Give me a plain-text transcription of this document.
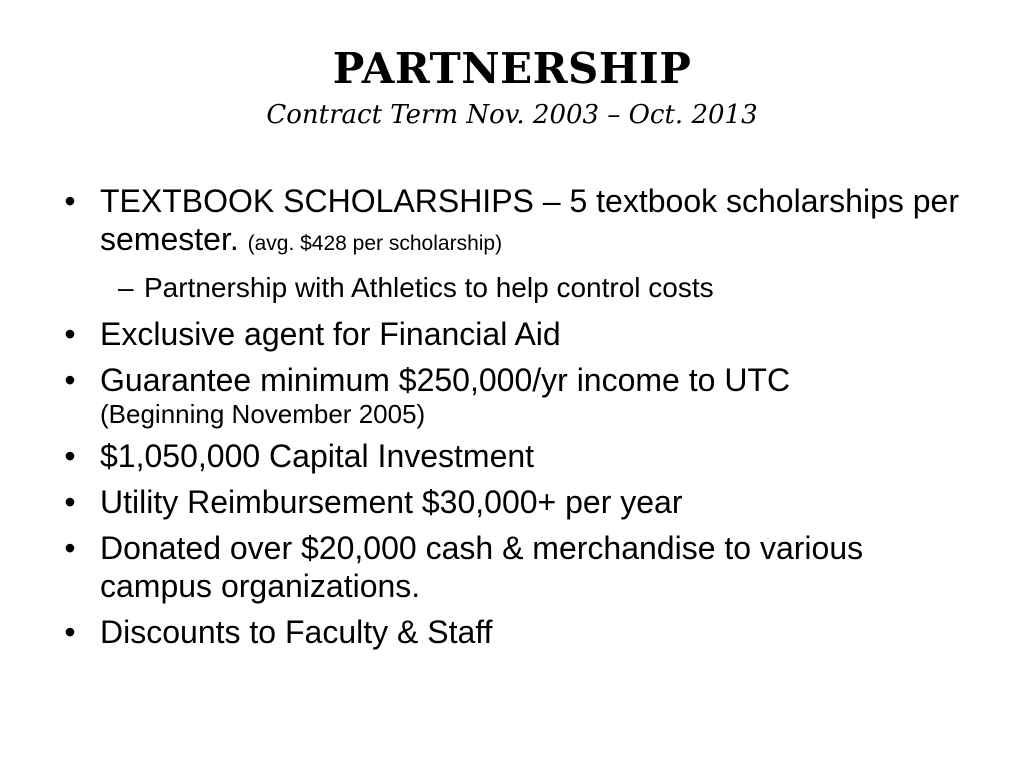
PARTNERSHIP
Contract Term Nov. 2003 – Oct. 2013
• TEXTBOOK SCHOLARSHIPS – 5 textbook scholarships per semester. (avg. $428 per scholarship)
– Partnership with Athletics to help control costs
• Exclusive agent for Financial Aid
• Guarantee minimum $250,000/yr income to UTC
(Beginning November 2005)
• $1,050,000 Capital Investment
• Utility Reimbursement $30,000+ per year
• Donated over $20,000 cash & merchandise to various campus organizations.
• Discounts to Faculty & Staff
